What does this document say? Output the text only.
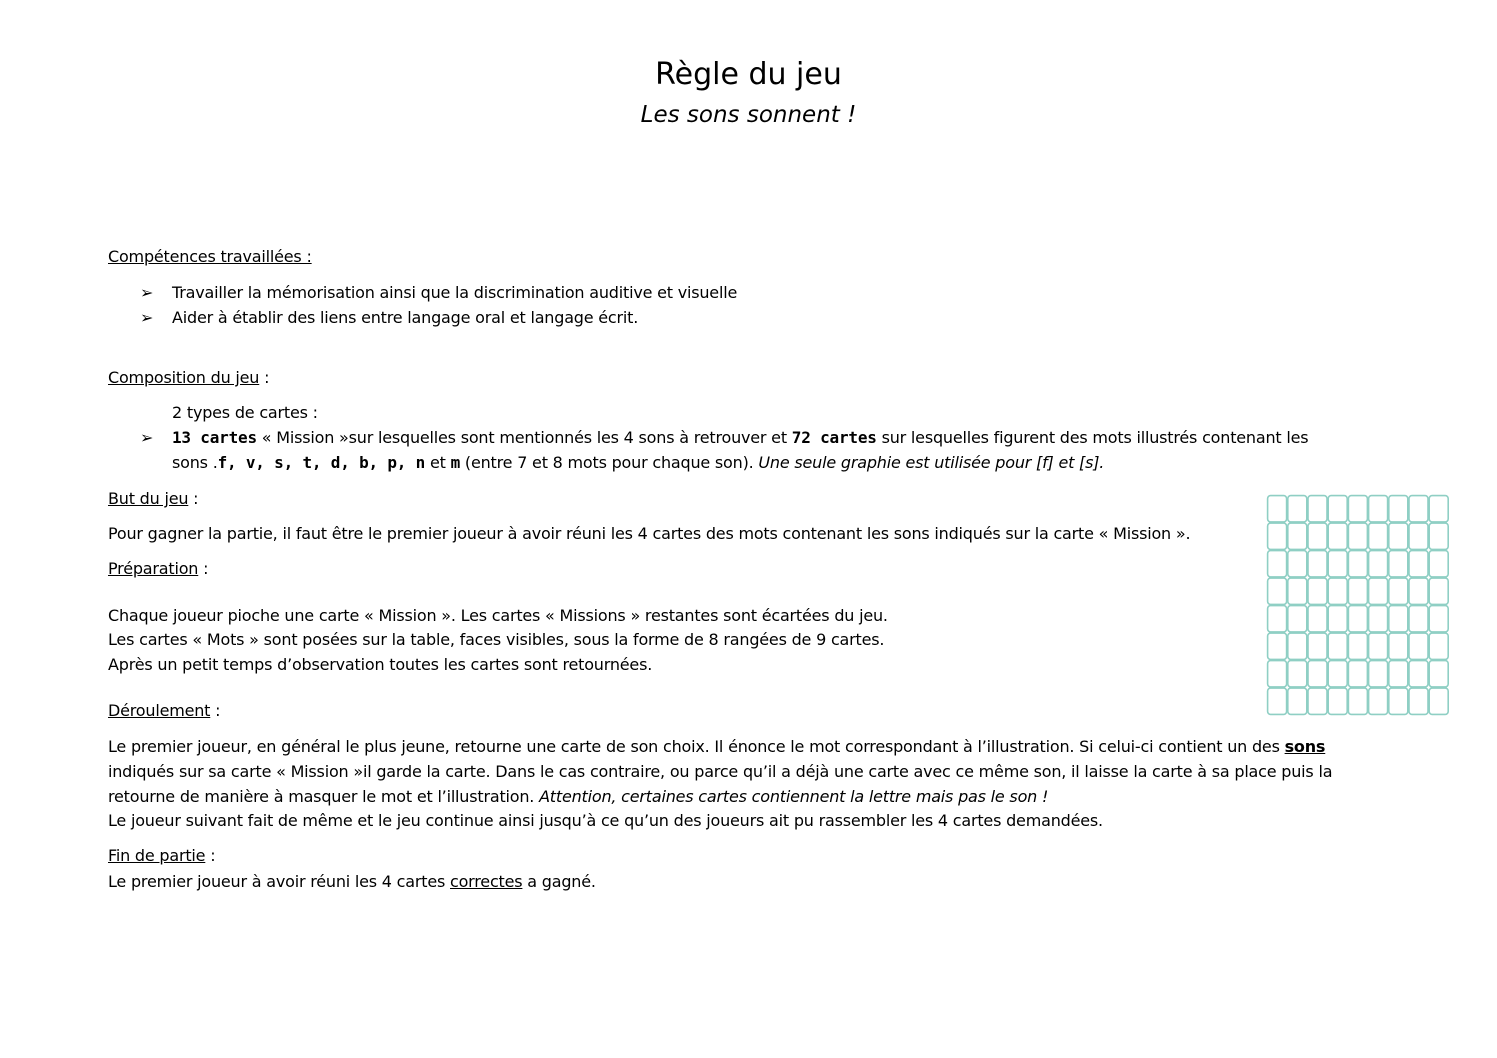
Règle du jeu
Les sons sonnent !
Compétences travaillées :
➢ Travailler la mémorisation ainsi que la discrimination auditive et visuelle
➢ Aider à établir des liens entre langage oral et langage écrit.
Composition du jeu :
2 types de cartes :
➢ 13 cartes « Mission »sur lesquelles sont mentionnés les 4 sons à retrouver et 72 cartes sur lesquelles figurent des mots illustrés contenant les
sons .f, v, s, t, d, b, p, n et m (entre 7 et 8 mots pour chaque son). Une seule graphie est utilisée pour [f] et [s].
But du jeu :
Pour gagner la partie, il faut être le premier joueur à avoir réuni les 4 cartes des mots contenant les sons indiqués sur la carte « Mission ».
Préparation :
Chaque joueur pioche une carte « Mission ». Les cartes « Missions » restantes sont écartées du jeu.
Les cartes « Mots » sont posées sur la table, faces visibles, sous la forme de 8 rangées de 9 cartes.
Après un petit temps d’observation toutes les cartes sont retournées.
Déroulement :
Le premier joueur, en général le plus jeune, retourne une carte de son choix. Il énonce le mot correspondant à l’illustration. Si celui-ci contient un des sons
indiqués sur sa carte « Mission »il garde la carte. Dans le cas contraire, ou parce qu’il a déjà une carte avec ce même son, il laisse la carte à sa place puis la
retourne de manière à masquer le mot et l’illustration. Attention, certaines cartes contiennent la lettre mais pas le son !
Le joueur suivant fait de même et le jeu continue ainsi jusqu’à ce qu’un des joueurs ait pu rassembler les 4 cartes demandées.
Fin de partie :
Le premier joueur à avoir réuni les 4 cartes correctes a gagné.
